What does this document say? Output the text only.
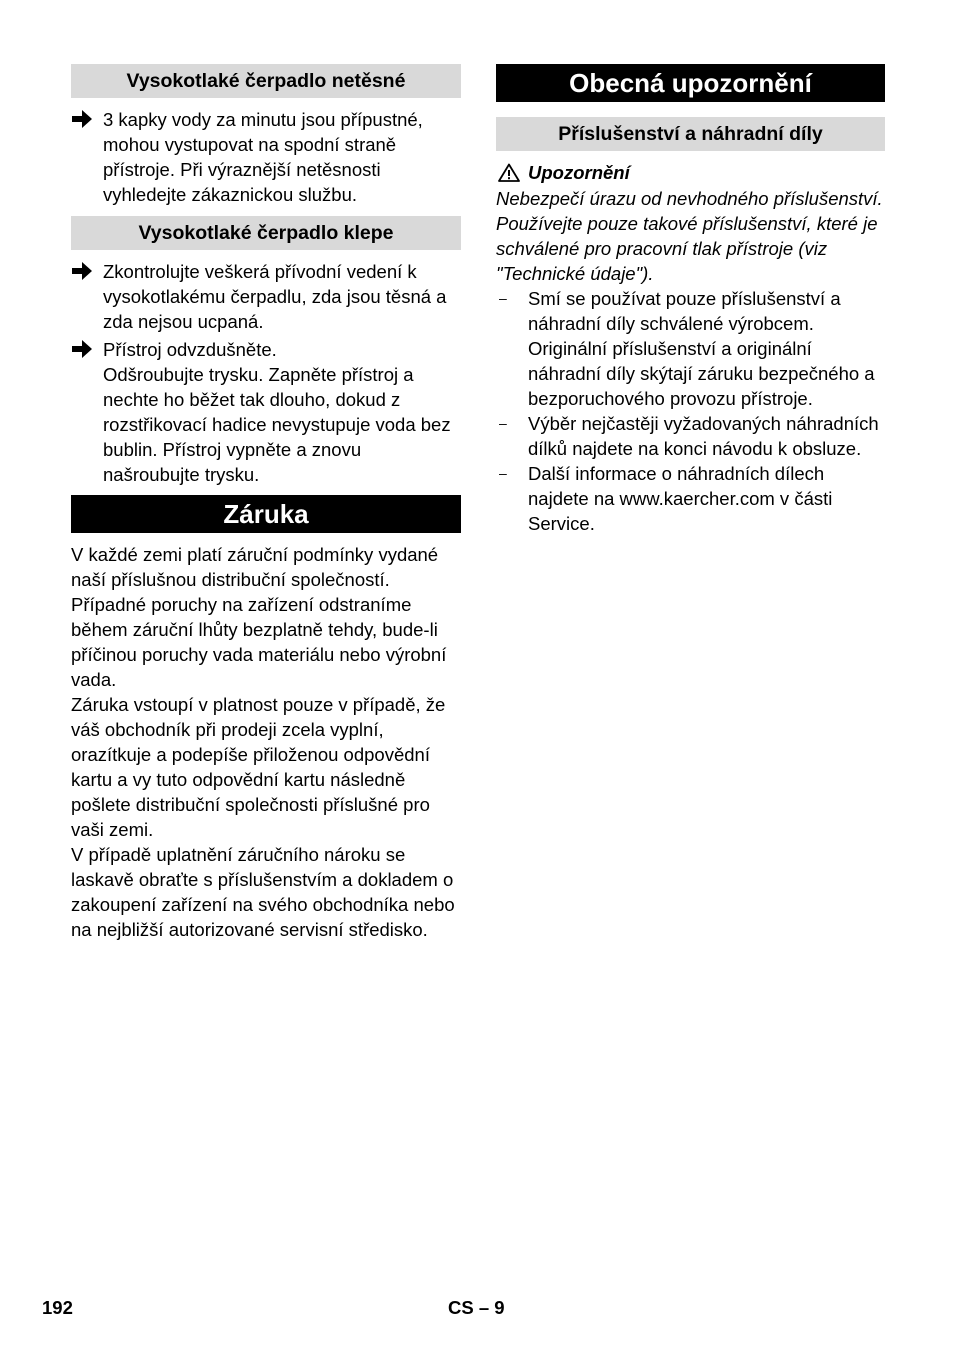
Vysokotlaké čerpadlo netěsné
3 kapky vody za minutu jsou přípustné, mohou vystupovat na spodní straně přístroje. Při výraznější netěsnosti vyhledejte zákaznickou službu.
Vysokotlaké čerpadlo klepe
Zkontrolujte veškerá přívodní vedení k vysokotlakému čerpadlu, zda jsou těsná a zda nejsou ucpaná.
Přístroj odvzdušněte.
Odšroubujte trysku. Zapněte přístroj a nechte ho běžet tak dlouho, dokud z rozstřikovací hadice nevystupuje voda bez bublin. Přístroj vypněte a znovu našroubujte trysku.
Záruka

V každé zemi platí záruční podmínky vydané naší příslušnou distribuční společností. Případné poruchy na zařízení odstraníme během záruční lhůty bezplatně tehdy, bude-li příčinou poruchy vada materiálu nebo výrobní vada.

Záruka vstoupí v platnost pouze v případě, že váš obchodník při prodeji zcela vyplní, orazítkuje a podepíše přiloženou odpovědní kartu a vy tuto odpovědní kartu následně pošlete distribuční společnosti příslušné pro vaši zemi.

V případě uplatnění záručního nároku se laskavě obraťte s příslušenstvím a dokladem o zakoupení zařízení na svého obchodníka nebo na nejbližší autorizované servisní středisko.

Obecná upozornění
Příslušenství a náhradní díly
Upozornění

Nebezpečí úrazu od nevhodného příslušenství. Používejte pouze takové příslušenství, které je schválené pro pracovní tlak přístroje (viz "Technické údaje").

– Smí se používat pouze příslušenství a náhradní díly schválené výrobcem. Originální příslušenství a originální náhradní díly skýtají záruku bezpečného a bezporuchového provozu přístroje.
– Výběr nejčastěji vyžadovaných náhradních dílků najdete na konci návodu k obsluze.
– Další informace o náhradních dílech najdete na www.kaercher.com v části Service.
192	CS – 9
